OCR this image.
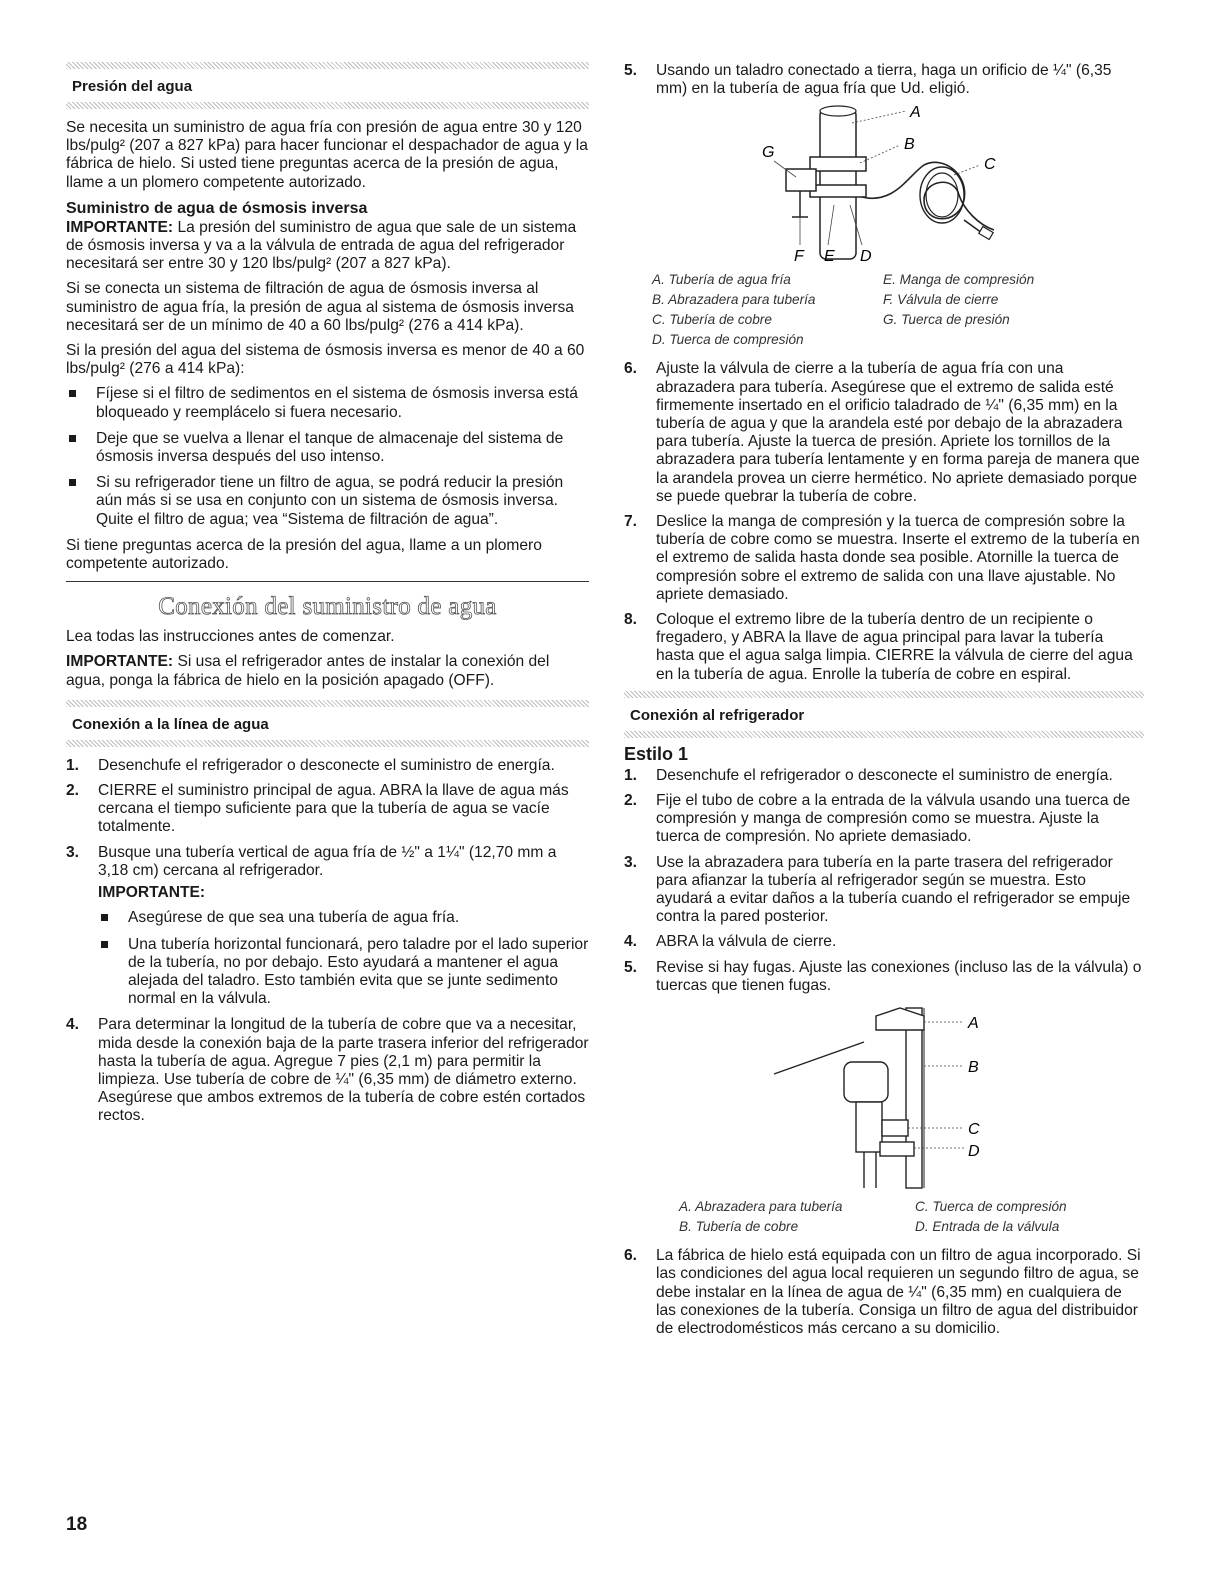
Presión del agua

Se necesita un suministro de agua fría con presión de agua entre 30 y 120 lbs/pulg² (207 a 827 kPa) para hacer funcionar el despachador de agua y la fábrica de hielo. Si usted tiene preguntas acerca de la presión de agua, llame a un plomero competente autorizado.

Suministro de agua de ósmosis inversa

IMPORTANTE: La presión del suministro de agua que sale de un sistema de ósmosis inversa y va a la válvula de entrada de agua del refrigerador necesitará ser entre 30 y 120 lbs/pulg² (207 a 827 kPa).

Si se conecta un sistema de filtración de agua de ósmosis inversa al suministro de agua fría, la presión de agua al sistema de ósmosis inversa necesitará ser de un mínimo de 40 a 60 lbs/pulg² (276 a 414 kPa).

Si la presión del agua del sistema de ósmosis inversa es menor de 40 a 60 lbs/pulg² (276 a 414 kPa):

Fíjese si el filtro de sedimentos en el sistema de ósmosis inversa está bloqueado y reemplácelo si fuera necesario.
Deje que se vuelva a llenar el tanque de almacenaje del sistema de ósmosis inversa después del uso intenso.
Si su refrigerador tiene un filtro de agua, se podrá reducir la presión aún más si se usa en conjunto con un sistema de ósmosis inversa. Quite el filtro de agua; vea “Sistema de filtración de agua”.

Si tiene preguntas acerca de la presión del agua, llame a un plomero competente autorizado.

Conexión del suministro de agua

Lea todas las instrucciones antes de comenzar.

IMPORTANTE: Si usa el refrigerador antes de instalar la conexión del agua, ponga la fábrica de hielo en la posición apagado (OFF).

Conexión a la línea de agua
1. Desenchufe el refrigerador o desconecte el suministro de energía.
2. CIERRE el suministro principal de agua. ABRA la llave de agua más cercana el tiempo suficiente para que la tubería de agua se vacíe totalmente.
3. Busque una tubería vertical de agua fría de ½" a 1¼" (12,70 mm a 3,18 cm) cercana al refrigerador.
IMPORTANTE:
Asegúrese de que sea una tubería de agua fría.
Una tubería horizontal funcionará, pero taladre por el lado superior de la tubería, no por debajo. Esto ayudará a mantener el agua alejada del taladro. Esto también evita que se junte sedimento normal en la válvula.
4. Para determinar la longitud de la tubería de cobre que va a necesitar, mida desde la conexión baja de la parte trasera inferior del refrigerador hasta la tubería de agua. Agregue 7 pies (2,1 m) para permitir la limpieza. Use tubería de cobre de ¼" (6,35 mm) de diámetro externo. Asegúrese que ambos extremos de la tubería de cobre estén cortados rectos.
5. Usando un taladro conectado a tierra, haga un orificio de ¼" (6,35 mm) en la tubería de agua fría que Ud. eligió.
A
B
C
G
F E D
A. Tubería de agua fría	E. Manga de compresión
B. Abrazadera para tubería	F. Válvula de cierre
C. Tubería de cobre	G. Tuerca de presión
D. Tuerca de compresión
6. Ajuste la válvula de cierre a la tubería de agua fría con una abrazadera para tubería. Asegúrese que el extremo de salida esté firmemente insertado en el orificio taladrado de ¼" (6,35 mm) en la tubería de agua y que la arandela esté por debajo de la abrazadera para tubería. Ajuste la tuerca de presión. Apriete los tornillos de la abrazadera para tubería lentamente y en forma pareja de manera que la arandela provea un cierre hermético. No apriete demasiado porque se puede quebrar la tubería de cobre.
7. Deslice la manga de compresión y la tuerca de compresión sobre la tubería de cobre como se muestra. Inserte el extremo de la tubería en el extremo de salida hasta donde sea posible. Atornille la tuerca de compresión sobre el extremo de salida con una llave ajustable. No apriete demasiado.
8. Coloque el extremo libre de la tubería dentro de un recipiente o fregadero, y ABRA la llave de agua principal para lavar la tubería hasta que el agua salga limpia. CIERRE la válvula de cierre del agua en la tubería de agua. Enrolle la tubería de cobre en espiral.
Conexión al refrigerador
Estilo 1
1. Desenchufe el refrigerador o desconecte el suministro de energía.
2. Fije el tubo de cobre a la entrada de la válvula usando una tuerca de compresión y manga de compresión como se muestra. Ajuste la tuerca de compresión. No apriete demasiado.
3. Use la abrazadera para tubería en la parte trasera del refrigerador para afianzar la tubería al refrigerador según se muestra. Esto ayudará a evitar daños a la tubería cuando el refrigerador se empuje contra la pared posterior.
4. ABRA la válvula de cierre.
5. Revise si hay fugas. Ajuste las conexiones (incluso las de la válvula) o tuercas que tienen fugas.
A
B
C
D
A. Abrazadera para tubería	C. Tuerca de compresión
B. Tubería de cobre	D. Entrada de la válvula
6. La fábrica de hielo está equipada con un filtro de agua incorporado. Si las condiciones del agua local requieren un segundo filtro de agua, se debe instalar en la línea de agua de ¼" (6,35 mm) en cualquiera de las conexiones de la tubería. Consiga un filtro de agua del distribuidor de electrodomésticos más cercano a su domicilio.
18
